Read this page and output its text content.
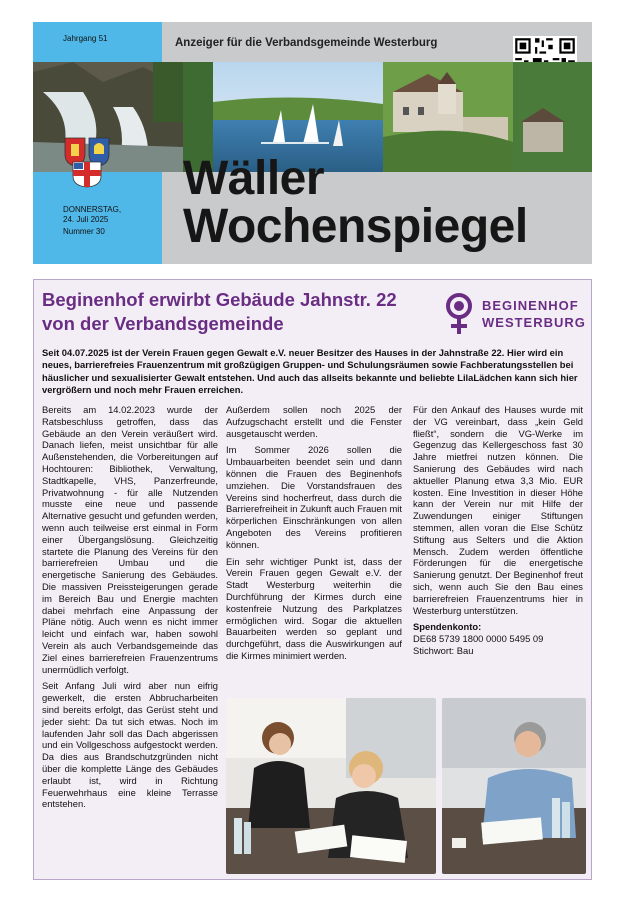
Jahrgang 51	Anzeiger für die Verbandsgemeinde Westerburg
DONNERSTAG,
24. Juli 2025
Nummer 30
Wäller
Wochenspiegel
Beginenhof erwirbt Gebäude Jahnstr. 22
von der Verbandsgemeinde
BEGINENHOF
WESTERBURG
Seit 04.07.2025 ist der Verein Frauen gegen Gewalt e.V. neuer Besitzer des Hauses in der Jahnstraße 22. Hier wird ein neues, barrierefreies Frauenzentrum mit großzügigen Gruppen- und Schulungsräumen sowie Fachberatungsstellen bei häuslicher und sexualisierter Gewalt entstehen. Und auch das allseits bekannte und beliebte LilaLädchen kann sich hier vergrößern und noch mehr Frauen erreichen.

Bereits am 14.02.2023 wurde der Ratsbeschluss getroffen, dass das Gebäude an den Verein veräußert wird. Danach liefen, meist unsichtbar für alle Außenstehenden, die Vorbereitungen auf Hochtouren: Bibliothek, Verwaltung, Stadtkapelle, VHS, Panzerfreunde, Privatwohnung - für alle Nutzenden musste eine neue und passende Alternative gesucht und gefunden werden, wenn auch teilweise erst einmal in Form einer Übergangslösung. Gleichzeitig startete die Planung des Vereins für den barrierefreien Umbau und die energetische Sanierung des Gebäudes. Die massiven Preissteigerungen gerade im Bereich Bau und Energie machten dabei mehrfach eine Anpassung der Pläne nötig. Auch wenn es nicht immer leicht und einfach war, haben sowohl Verein als auch Verbandsgemeinde das Ziel eines barrierefreien Frauenzentrums unermüdlich verfolgt.

Seit Anfang Juli wird aber nun eifrig gewerkelt, die ersten Abbrucharbeiten sind bereits erfolgt, das Gerüst steht und jeder sieht: Da tut sich etwas. Noch im laufenden Jahr soll das Dach abgerissen und ein Vollgeschoss aufgestockt werden. Da dies aus Brandschutzgründen nicht über die komplette Länge des Gebäudes erlaubt ist, wird in Richtung Feuerwehrhaus eine kleine Terrasse entstehen.

Außerdem sollen noch 2025 der Aufzugschacht erstellt und die Fenster ausgetauscht werden.

Im Sommer 2026 sollen die Umbauarbeiten beendet sein und dann können die Frauen des Beginenhofs umziehen. Die Vorstandsfrauen des Vereins sind hocherfreut, dass durch die Barrierefreiheit in Zukunft auch Frauen mit körperlichen Einschränkungen von allen Angeboten des Vereins profitieren können.

Ein sehr wichtiger Punkt ist, dass der Verein Frauen gegen Gewalt e.V. der Stadt Westerburg weiterhin die Durchführung der Kirmes durch eine kostenfreie Nutzung des Parkplatzes ermöglichen wird. Sogar die aktuellen Bauarbeiten werden so geplant und durchgeführt, dass die Auswirkungen auf die Kirmes minimiert werden.

Für den Ankauf des Hauses wurde mit der VG vereinbart, dass „kein Geld fließt“, sondern die VG-Werke im Gegenzug das Kellergeschoss fast 30 Jahre mietfrei nutzen können. Die Sanierung des Gebäudes wird nach aktueller Planung etwa 3,3 Mio. EUR kosten. Eine Investition in dieser Höhe kann der Verein nur mit Hilfe der Zuwendungen einiger Stiftungen stemmen, allen voran die Else Schütz Stiftung aus Selters und die Aktion Mensch. Zudem werden öffentliche Förderungen für die energetische Sanierung genutzt. Der Beginenhof freut sich, wenn auch Sie den Bau eines barrierefreien Frauenzentrums hier in Westerburg unterstützen.

Spendenkonto:
DE68 5739 1800 0000 5495 09
Stichwort: Bau
